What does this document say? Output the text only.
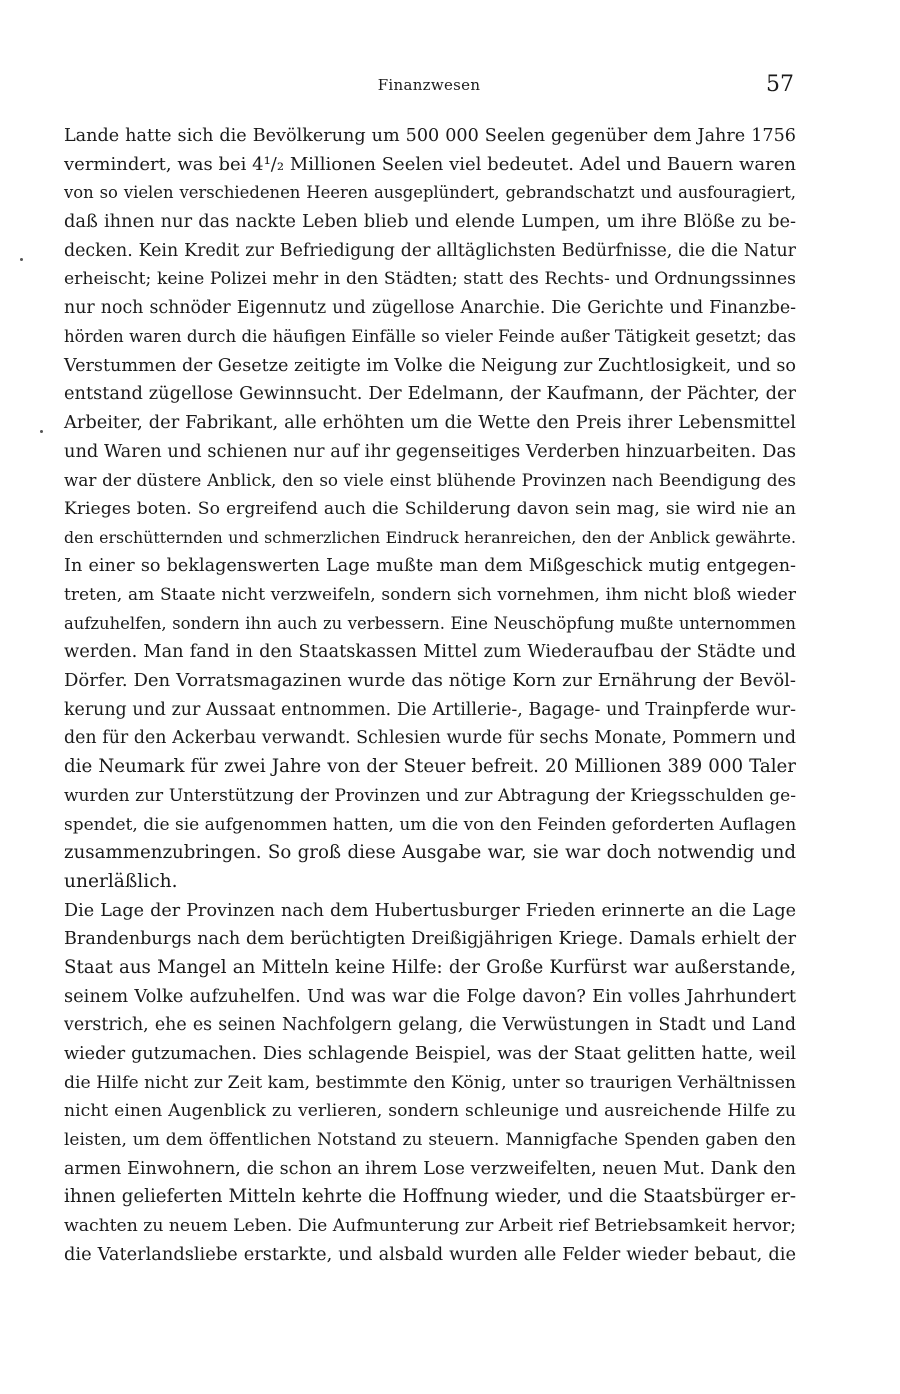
Finanzwesen	57
Lande hatte sich die Bevölkerung um 500 000 Seelen gegenüber dem Jahre 1756
vermindert, was bei 4¹/₂ Millionen Seelen viel bedeutet. Adel und Bauern waren
von so vielen verschiedenen Heeren ausgeplündert, gebrandschatzt und ausfouragiert,
daß ihnen nur das nackte Leben blieb und elende Lumpen, um ihre Blöße zu be-
decken. Kein Kredit zur Befriedigung der alltäglichsten Bedürfnisse, die die Natur
erheischt; keine Polizei mehr in den Städten; statt des Rechts- und Ordnungssinnes
nur noch schnöder Eigennutz und zügellose Anarchie. Die Gerichte und Finanzbe-
hörden waren durch die häufigen Einfälle so vieler Feinde außer Tätigkeit gesetzt; das
Verstummen der Gesetze zeitigte im Volke die Neigung zur Zuchtlosigkeit, und so
entstand zügellose Gewinnsucht. Der Edelmann, der Kaufmann, der Pächter, der
Arbeiter, der Fabrikant, alle erhöhten um die Wette den Preis ihrer Lebensmittel
und Waren und schienen nur auf ihr gegenseitiges Verderben hinzuarbeiten. Das
war der düstere Anblick, den so viele einst blühende Provinzen nach Beendigung des
Krieges boten. So ergreifend auch die Schilderung davon sein mag, sie wird nie an
den erschütternden und schmerzlichen Eindruck heranreichen, den der Anblick gewährte.
In einer so beklagenswerten Lage mußte man dem Mißgeschick mutig entgegen-
treten, am Staate nicht verzweifeln, sondern sich vornehmen, ihm nicht bloß wieder
aufzuhelfen, sondern ihn auch zu verbessern. Eine Neuschöpfung mußte unternommen
werden. Man fand in den Staatskassen Mittel zum Wiederaufbau der Städte und
Dörfer. Den Vorratsmagazinen wurde das nötige Korn zur Ernährung der Bevöl-
kerung und zur Aussaat entnommen. Die Artillerie-, Bagage- und Trainpferde wur-
den für den Ackerbau verwandt. Schlesien wurde für sechs Monate, Pommern und
die Neumark für zwei Jahre von der Steuer befreit. 20 Millionen 389 000 Taler
wurden zur Unterstützung der Provinzen und zur Abtragung der Kriegsschulden ge-
spendet, die sie aufgenommen hatten, um die von den Feinden geforderten Auflagen
zusammenzubringen. So groß diese Ausgabe war, sie war doch notwendig und
unerläßlich.
Die Lage der Provinzen nach dem Hubertusburger Frieden erinnerte an die Lage
Brandenburgs nach dem berüchtigten Dreißigjährigen Kriege. Damals erhielt der
Staat aus Mangel an Mitteln keine Hilfe: der Große Kurfürst war außerstande,
seinem Volke aufzuhelfen. Und was war die Folge davon? Ein volles Jahrhundert
verstrich, ehe es seinen Nachfolgern gelang, die Verwüstungen in Stadt und Land
wieder gutzumachen. Dies schlagende Beispiel, was der Staat gelitten hatte, weil
die Hilfe nicht zur Zeit kam, bestimmte den König, unter so traurigen Verhältnissen
nicht einen Augenblick zu verlieren, sondern schleunige und ausreichende Hilfe zu
leisten, um dem öffentlichen Notstand zu steuern. Mannigfache Spenden gaben den
armen Einwohnern, die schon an ihrem Lose verzweifelten, neuen Mut. Dank den
ihnen gelieferten Mitteln kehrte die Hoffnung wieder, und die Staatsbürger er-
wachten zu neuem Leben. Die Aufmunterung zur Arbeit rief Betriebsamkeit hervor;
die Vaterlandsliebe erstarkte, und alsbald wurden alle Felder wieder bebaut, die
